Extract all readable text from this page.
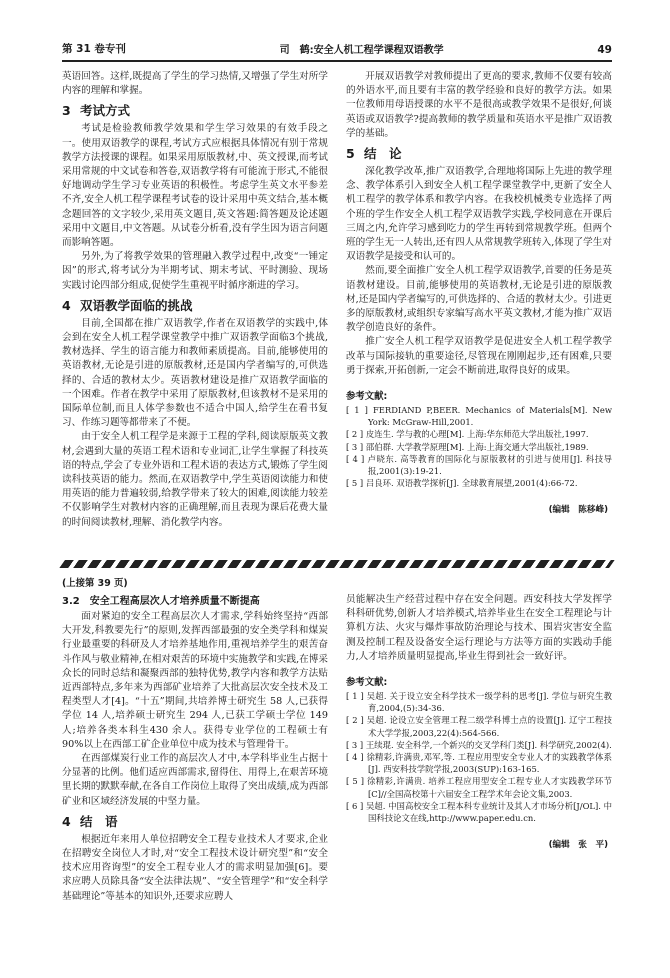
第 31 卷专刊	司　鹤:安全人机工程学课程双语教学	49

英语回答。这样,既提高了学生的学习热情,又增强了学生对所学内容的理解和掌握。

3 考试方式

考试是检验教师教学效果和学生学习效果的有效手段之一。使用双语教学的课程,考试方式应根据具体情况有别于常规教学方法授课的课程。如果采用原版教材,中、英文授课,而考试采用常规的中文试卷和答卷,双语教学将有可能流于形式,不能很好地调动学生学习专业英语的积极性。考虑学生英文水平参差不齐,安全人机工程学课程考试卷的设计采用中英文结合,基本概念题回答的文字较少,采用英文题目,英文答题:简答题及论述题采用中文题目,中文答题。从试卷分析看,没有学生因为语言问题而影响答题。

另外,为了将教学效果的管理融入教学过程中,改变“一锤定因”的形式,将考试分为半期考试、期末考试、平时测验、现场实践讨论四部分组成,促使学生重视平时循序渐进的学习。

4 双语教学面临的挑战

目前,全国都在推广双语教学,作者在双语教学的实践中,体会到在安全人机工程学课堂教学中推广双语教学面临3个挑战,教材选择、学生的语言能力和教师素质提高。目前,能够使用的英语教材,无论是引进的原版教材,还是国内学者编写的,可供选择的、合适的教材太少。英语教材建设是推广双语教学面临的一个困难。作者在教学中采用了原版教材,但该教材不是采用的国际单位制,而且人体学参数也不适合中国人,给学生在看书复习、作练习题等都带来了不便。

由于安全人机工程学是来源于工程的学科,阅读原版英文教材,会遇到大量的英语工程术语和专业词汇,让学生掌握了科技英语的特点,学会了专业外语和工程术语的表达方式,锻炼了学生阅读科技英语的能力。然而,在双语教学中,学生英语阅读能力和使用英语的能力普遍较弱,给教学带来了较大的困难,阅读能力较差不仅影响学生对教材内容的正确理解,而且表现为课后花费大量的时间阅读教材,理解、消化教学内容。

开展双语教学对教师提出了更高的要求,教师不仅要有较高的外语水平,而且要有丰富的教学经验和良好的教学方法。如果一位教师用母语授课的水平不是很高或教学效果不是很好,何谈英语或双语教学?提高教师的教学质量和英语水平是推广双语教学的基础。

5 结　论

深化教学改革,推广双语教学,合理地将国际上先进的教学理念、教学体系引入到安全人机工程学课堂教学中,更新了安全人机工程学的教学体系和教学内容。在我校机械类专业选择了两个班的学生作安全人机工程学双语教学实践,学校同意在开课后三周之内,允许学习感到吃力的学生再转到常规教学班。但两个班的学生无一人转出,还有四人从常规教学班转入,体现了学生对双语教学是接受和认可的。

然而,要全面推广安全人机工程学双语教学,首要的任务是英语教材建设。目前,能够使用的英语教材,无论是引进的原版教材,还是国内学者编写的,可供选择的、合适的教材太少。引进更多的原版教材,或组织专家编写高水平英文教材,才能为推广双语教学创造良好的条件。

推广安全人机工程学双语教学是促进安全人机工程学教学改革与国际接轨的重要途径,尽管现在刚刚起步,还有困难,只要勇于探索,开拓创新,一定会不断前进,取得良好的成果。

参考文献:
[ 1 ] FERDIAND P,BEER. Mechanics of Materials[M]. New York: McGraw-Hill,2001.
[ 2 ] 皮连生. 学与教的心理[M]. 上海:华东师范大学出版社,1997.
[ 3 ] 邵伯群. 大学教学原理[M]. 上海:上海交通大学出版社,1989.
[ 4 ] 卢晓东. 高等教育的国际化与原版教材的引进与使用[J]. 科技导报,2001(3):19-21.
[ 5 ] 吕良环. 双语教学探析[J]. 全球教育展望,2001(4):66-72.
(编辑　陈移峰)
(上接第 39 页)
3.2　安全工程高层次人才培养质量不断提高

面对紧迫的安全工程高层次人才需求,学科始终坚持“西部大开发,科教要先行”的原则,发挥西部最强的安全类学科和煤炭行业最重要的科研及人才培养基地作用,重视培养学生的艰苦奋斗作风与敬业精神,在相对艰苦的环境中实施教学和实践,在博采众长的同时总结和凝聚西部的独特优势,教学内容和教学方法贴近西部特点,多年来为西部矿业培养了大批高层次安全技术及工程类型人才[4]。“十五”期间,共培养博士研究生 58 人,已获得学位 14 人,培养硕士研究生 294 人,已获工学硕士学位 149 人;培养各类本科生430 余人。获得专业学位的工程硕士有 90%以上在西部工矿企业单位中成为技术与管理骨干。

在西部煤炭行业工作的高层次人才中,本学科毕业生占据十分显著的比例。他们适应西部需求,留得住、用得上,在艰苦环境里长期的默默奉献,在各自工作岗位上取得了突出成绩,成为西部矿业和区域经济发展的中坚力量。

4 结　语

根据近年来用人单位招聘安全工程专业技术人才要求,企业在招聘安全岗位人才时,对“安全工程技术设计研究型”和“安全技术应用咨询型”的安全工程专业人才的需求明显加强[6]。要求应聘人员除具备“安全法律法规”、“安全管理学”和“安全科学基础理论”等基本的知识外,还要求应聘人

员能解决生产经营过程中存在安全问题。西安科技大学发挥学科科研优势,创新人才培养模式,培养毕业生在安全工程理论与计算机方法、火灾与爆炸事故防治理论与技术、围岩灾害安全监测及控制工程及设备安全运行理论与方法等方面的实践动手能力,人才培养质量明显提高,毕业生得到社会一致好评。

参考文献:
[ 1 ] 吴超. 关于设立安全科学技术一级学科的思考[J]. 学位与研究生教育,2004,(5):34-36.
[ 2 ] 吴超. 论设立安全管理工程二级学科博士点的设置[J]. 辽宁工程技术大学学报,2003,22(4):564-566.
[ 3 ] 王续琨. 安全科学,一个新兴的交叉学科门类[J]. 科学研究,2002(4).
[ 4 ] 徐精彩,许满贵,邓军,等. 工程应用型安全专业人才的实践教学体系[J]. 西安科技学院学报,2003(SUP):163-165.
[ 5 ] 徐精彩,许满贵. 培养工程应用型安全工程专业人才实践教学环节[C]//全国高校第十六届安全工程学术年会论文集,2003.
[ 6 ] 吴超. 中国高校安全工程本科专业统计及其人才市场分析[J/OL]. 中国科技论文在线,http://www.paper.edu.cn.
(编辑　张　平)
